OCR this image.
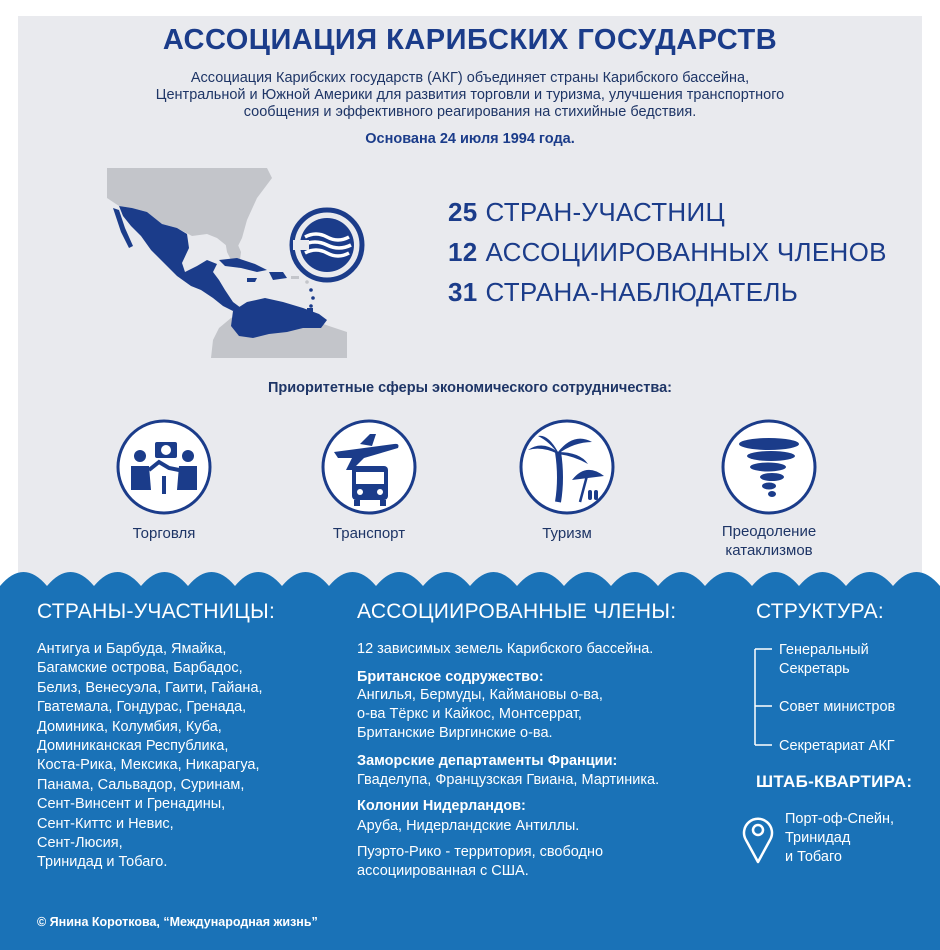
АССОЦИАЦИЯ КАРИБСКИХ ГОСУДАРСТВ
Ассоциация Карибских государств (АКГ) объединяет страны Карибского бассейна,
Центральной и Южной Америки для развития торговли и туризма, улучшения транспортного
сообщения и эффективного реагирования на стихийные бедствия.
Основана 24 июля 1994 года.
25 СТРАН-УЧАСТНИЦ
12 АССОЦИИРОВАННЫХ ЧЛЕНОВ
31 СТРАНА-НАБЛЮДАТЕЛЬ
Приоритетные сферы экономического сотрудничества:
Торговля	Транспорт	Туризм	Преодоление
катаклизмов
СТРАНЫ-УЧАСТНИЦЫ:
Антигуа и Барбуда, Ямайка,
Багамские острова, Барбадос,
Белиз, Венесуэла, Гаити, Гайана,
Гватемала, Гондурас, Гренада,
Доминика, Колумбия, Куба,
Доминиканская Республика,
Коста-Рика, Мексика, Никарагуа,
Панама, Сальвадор, Суринам,
Сент-Винсент и Гренадины,
Сент-Киттс и Невис,
Сент-Люсия,
Тринидад и Тобаго.
АССОЦИИРОВАННЫЕ ЧЛЕНЫ:
12 зависимых земель Карибского бассейна.
Британское содружество:
Ангилья, Бермуды, Каймановы о-ва,
о-ва Тёркс и Кайкос, Монтсеррат,
Британские Виргинские о-ва.
Заморские департаменты Франции:
Гваделупа, Французская Гвиана, Мартиника.
Колонии Нидерландов:
Аруба, Нидерландские Антиллы.
Пуэрто-Рико - территория, свободно
ассоциированная с США.
СТРУКТУРА:
Генеральный
Секретарь
Совет министров
Секретариат АКГ
ШТАБ-КВАРТИРА:
Порт-оф-Спейн,
Тринидад
и Тобаго
© Янина Короткова, “Международная жизнь”
